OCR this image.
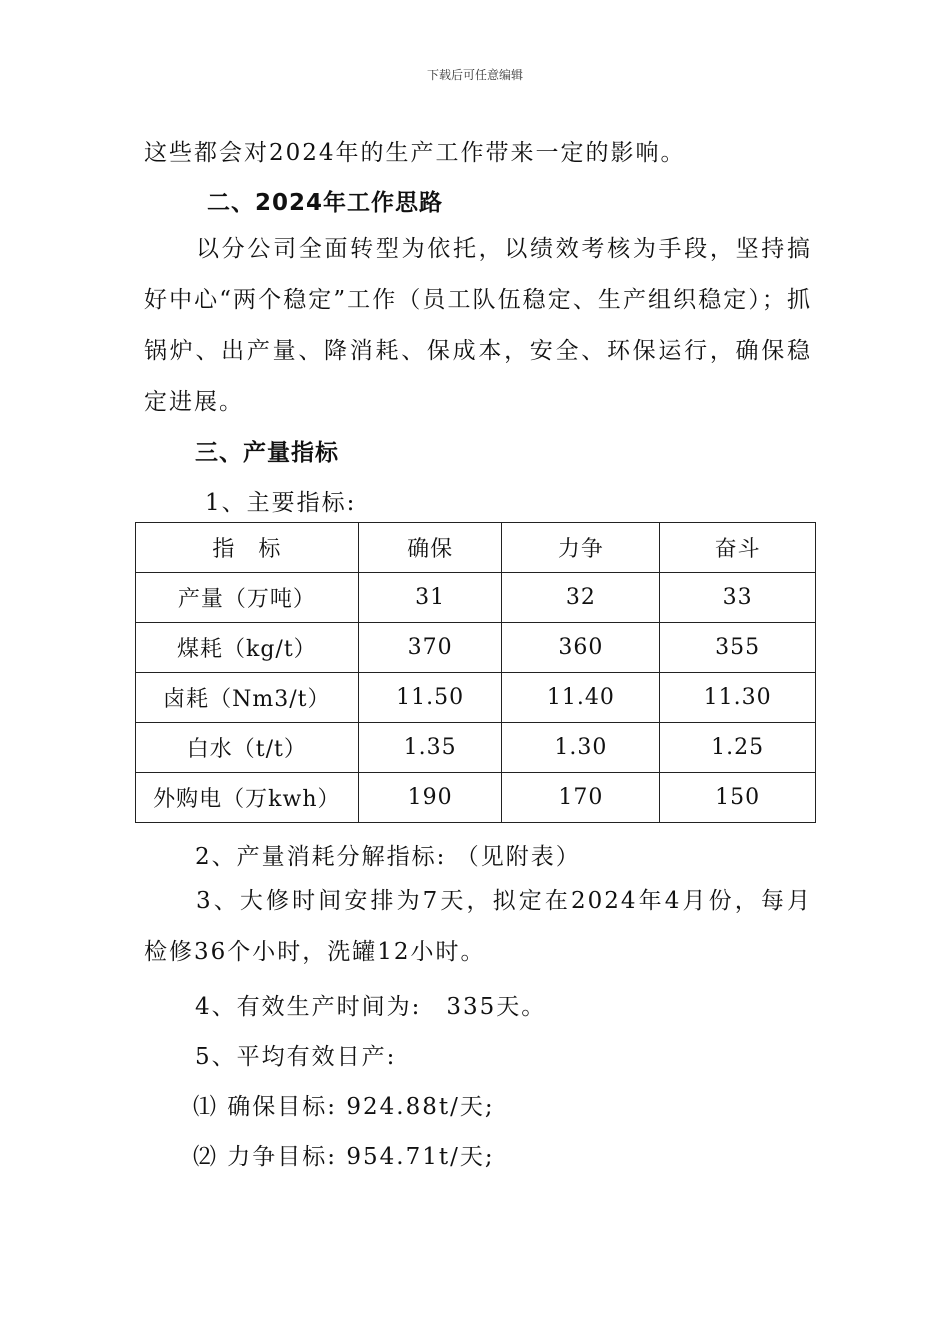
下载后可任意编辑
这些都会对2024年的生产工作带来一定的影响。
二、2024年工作思路
以分公司全面转型为依托，以绩效考核为手段，坚持搞好中心“两个稳定”工作（员工队伍稳定、生产组织稳定）；抓锅炉、出产量、降消耗、保成本，安全、环保运行，确保稳定进展。
三、产量指标
1、主要指标:
指　标	确保	力争	奋斗
产量（万吨）	31	32	33
煤耗（kg/t）	370	360	355
卤耗（Nm3/t）	11.50	11.40	11.30
白水（t/t）	1.35	1.30	1.25
外购电（万kwh）	190	170	150
2、产量消耗分解指标: （见附表）
3、大修时间安排为7天，拟定在2024年4月份，每月检修36个小时，洗罐12小时。
4、有效生产时间为:　335天。
5、平均有效日产:
⑴ 确保目标: 924.88t/天;
⑵ 力争目标: 954.71t/天;
